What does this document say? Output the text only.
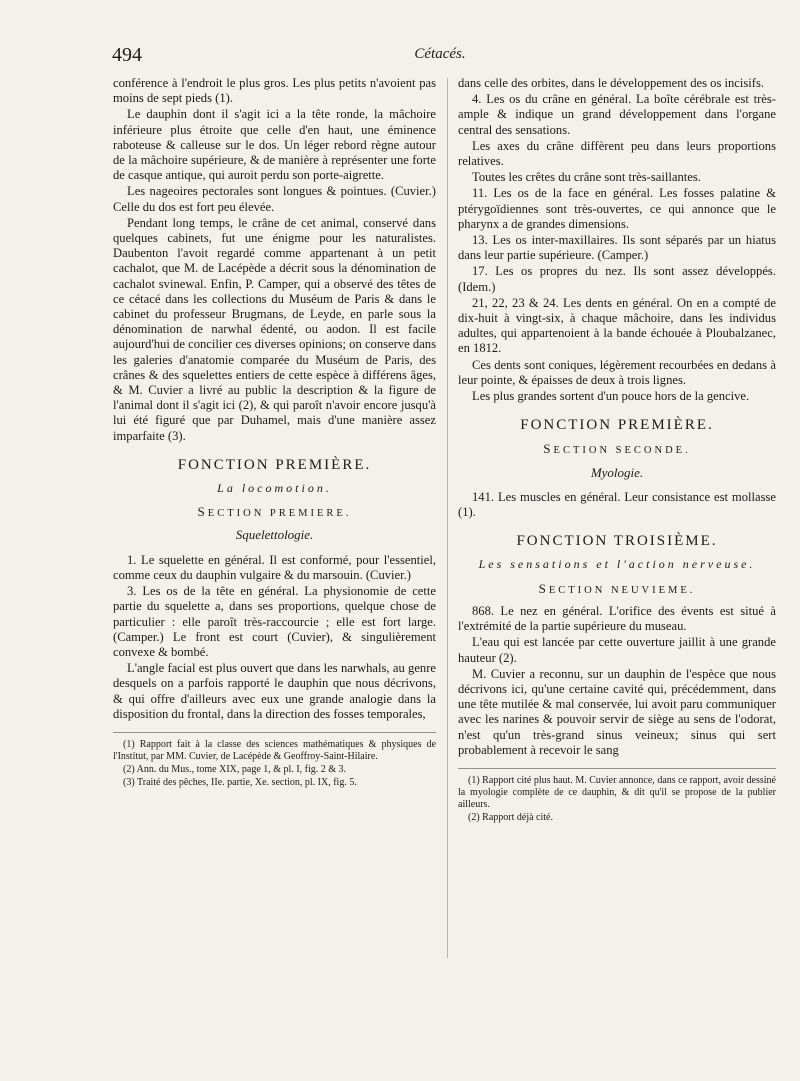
494	Cétacés.

conférence à l'endroit le plus gros. Les plus petits n'avoient pas moins de sept pieds (1).

Le dauphin dont il s'agit ici a la tête ronde, la mâchoire inférieure plus étroite que celle d'en haut, une éminence raboteuse & calleuse sur le dos. Un léger rebord règne autour de la mâchoire supérieure, & de manière à représenter une forte de casque antique, qui auroit perdu son porte-aigrette.

Les nageoires pectorales sont longues & pointues. (Cuvier.) Celle du dos est fort peu élevée.

Pendant long temps, le crâne de cet animal, conservé dans quelques cabinets, fut une énigme pour les naturalistes. Daubenton l'avoit regardé comme appartenant à un petit cachalot, que M. de Lacépède a décrit sous la dénomination de cachalot svinewal. Enfin, P. Camper, qui a observé des têtes de ce cétacé dans les collections du Muséum de Paris & dans le cabinet du professeur Brugmans, de Leyde, en parle sous la dénomination de narwhal édenté, ou aodon. Il est facile aujourd'hui de concilier ces diverses opinions; on conserve dans les galeries d'anatomie comparée du Muséum de Paris, des crânes & des squelettes entiers de cette espèce à différens âges, & M. Cuvier a livré au public la description & la figure de l'animal dont il s'agit ici (2), & qui paroît n'avoir encore jusqu'à lui été figuré que par Duhamel, mais d'une manière assez imparfaite (3).

FONCTION PREMIÈRE.
La locomotion.
SECTION PREMIERE.
Squelettologie.

1. Le squelette en général. Il est conformé, pour l'essentiel, comme ceux du dauphin vulgaire & du marsouin. (Cuvier.)

3. Les os de la tête en général. La physionomie de cette partie du squelette a, dans ses proportions, quelque chose de particulier : elle paroît très-raccourcie ; elle est fort large. (Camper.) Le front est court (Cuvier), & singulièrement convexe & bombé.

L'angle facial est plus ouvert que dans les narwhals, au genre desquels on a parfois rapporté le dauphin que nous décrivons, & qui offre d'ailleurs avec eux une grande analogie dans la disposition du frontal, dans la direction des fosses temporales,

(1) Rapport fait à la classe des sciences mathématiques & physiques de l'Institut, par MM. Cuvier, de Lacépède & Geoffroy-Saint-Hilaire.

(2) Ann. du Mus., tome XIX, page 1, & pl. I, fig. 2 & 3.

(3) Traité des pêches, IIe. partie, Xe. section, pl. IX, fig. 5.

dans celle des orbites, dans le développement des os incisifs.

4. Les os du crâne en général. La boîte cérébrale est très-ample & indique un grand développement dans l'organe central des sensations.

Les axes du crâne diffèrent peu dans leurs proportions relatives.

Toutes les crêtes du crâne sont très-saillantes.

11. Les os de la face en général. Les fosses palatine & ptérygoïdiennes sont très-ouvertes, ce qui annonce que le pharynx a de grandes dimensions.

13. Les os inter-maxillaires. Ils sont séparés par un hiatus dans leur partie supérieure. (Camper.)

17. Les os propres du nez. Ils sont assez développés. (Idem.)

21, 22, 23 & 24. Les dents en général. On en a compté de dix-huit à vingt-six, à chaque mâchoire, dans les individus adultes, qui appartenoient à la bande échouée à Ploubalzanec, en 1812.

Ces dents sont coniques, légèrement recourbées en dedans à leur pointe, & épaisses de deux à trois lignes.

Les plus grandes sortent d'un pouce hors de la gencive.

FONCTION PREMIÈRE.
SECTION SECONDE.
Myologie.

141. Les muscles en général. Leur consistance est mollasse (1).

FONCTION TROISIÈME.
Les sensations et l'action nerveuse.
SECTION NEUVIEME.

868. Le nez en général. L'orifice des évents est situé à l'extrémité de la partie supérieure du museau.

L'eau qui est lancée par cette ouverture jaillit à une grande hauteur (2).

M. Cuvier a reconnu, sur un dauphin de l'espèce que nous décrivons ici, qu'une certaine cavité qui, précédemment, dans une tête mutilée & mal conservée, lui avoit paru communiquer avec les narines & pouvoir servir de siège au sens de l'odorat, n'est qu'un très-grand sinus veineux; sinus qui sert probablement à recevoir le sang

(1) Rapport cité plus haut. M. Cuvier annonce, dans ce rapport, avoir dessiné la myologie complète de ce dauphin, & dit qu'il se propose de la publier ailleurs.

(2) Rapport déjà cité.
